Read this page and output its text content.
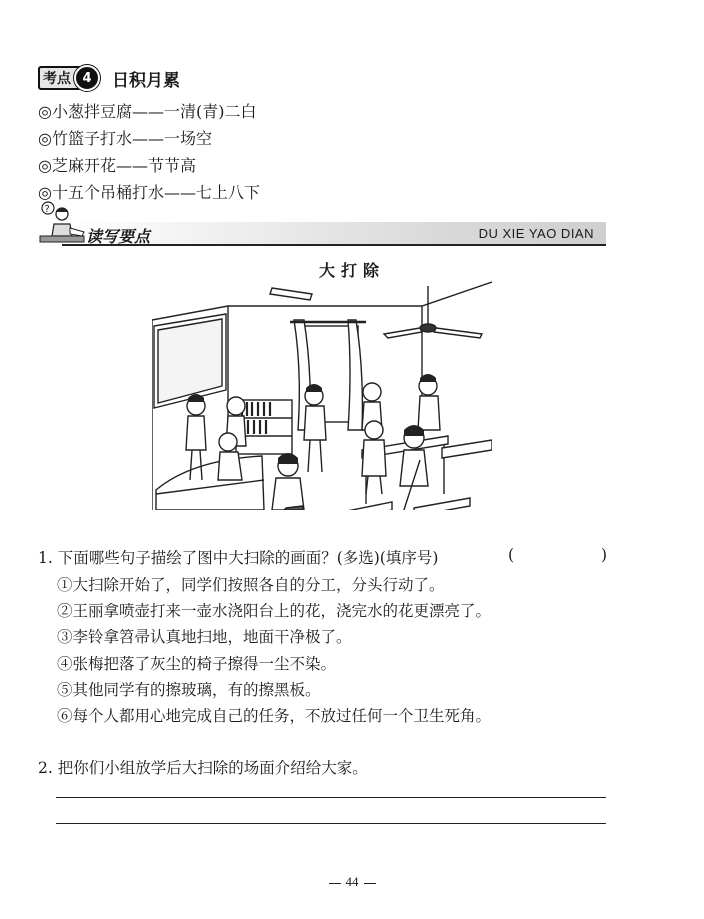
考点 4	日积月累
◎小葱拌豆腐——一清(青)二白
◎竹篮子打水——一场空
◎芝麻开花——节节高
◎十五个吊桶打水——七上八下
?
读写要点	DU XIE YAO DIAN
大打除
1. 下面哪些句子描绘了图中大扫除的画面？(多选)(填序号)	(	)
①大扫除开始了，同学们按照各自的分工，分头行动了。
②王丽拿喷壶打来一壶水浇阳台上的花，浇完水的花更漂亮了。
③李铃拿笤帚认真地扫地，地面干净极了。
④张梅把落了灰尘的椅子擦得一尘不染。
⑤其他同学有的擦玻璃，有的擦黑板。
⑥每个人都用心地完成自己的任务，不放过任何一个卫生死角。
2. 把你们小组放学后大扫除的场面介绍给大家。
44
